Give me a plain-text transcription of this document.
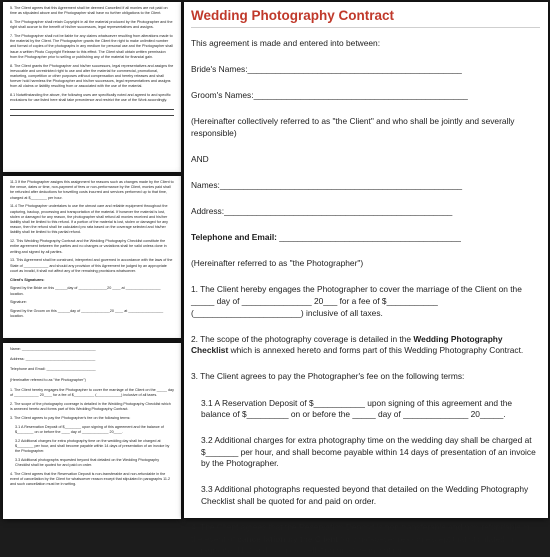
5. The Client agrees that this Agreement shall be deemed Cancelled if all monies are not paid on time as stipulated above and the Photographer shall have no further obligations to the Client.

6. The Photographer shall retain Copyright in all the material produced by the Photographer and the right shall accrue to the benefit of his/her successors, legal representatives and assigns.

7. The Photographer shall not be liable for any claims whatsoever resulting from alterations made to the material by the Client. The Photographer grants the Client the right to make unlimited number and format of copies of the photographs in any medium for personal use and the Photographer shall issue a written Photo Copyright Release to this effect. The Client shall obtain written permission from the Photographer prior to selling or publishing any of the material for financial gain.

8. The Client grants the Photographer and his/her successors, legal representatives and assigns the irrevocable and unrestricted right to use and alter the material for commercial, promotional, marketing, competition or other purposes without compensation and hereby releases and shall forever hold harmless the Photographer and his/her successors, legal representatives and assigns from all claims or liability resulting from or associated with the use of the material.

8.1 Notwithstanding the above, the following uses are specifically noted and agreed to and specific exclusions for use listed here shall take precedence and restrict the use of the Work accordingly.

11.3 If the Photographer assigns this assignment for reasons such as changes made by the Client to the venue, dates or time, non-payment of fees or non-performance by the Client, monies paid shall be refunded after deductions for travelling costs incurred and services performed up to that time, charged at $________ per hour.

11.4 The Photographer undertakes to use the utmost care and reliable equipment throughout the capturing, backup, processing and transportation of the material. If however the material is lost, stolen or damaged for any reason, the photographer shall refund all monies received and his/her liability shall be limited to this refund. If a portion of the material is lost, stolen or damaged for any reason, then the refund shall be calculated pro rata based on the coverage selected and his/her liability shall be limited to this partial refund.

12. This Wedding Photography Contract and the Wedding Photography Checklist constitute the entire agreement between the parties and no changes or variations shall be valid unless done in writing and signed by all parties.

13. This Agreement shall be construed, interpreted and governed in accordance with the laws of the State of ____________ and should any provision of this Agreement be judged by an appropriate court as invalid, it shall not affect any of the remaining provisions whatsoever.

Client's Signatures:

Signed by the Bride on this ______day of ______________20 ____ at _________________ location.

Signature:

Signed by the Groom on this ______day of ______________20 ____ at _________________ location.

Name: ____________________________________

Address: __________________________________

Telephone and Email: ________________________

(Hereinafter referred to as "the Photographer")

1. The Client hereby engages the Photographer to cover the marriage of the Client on the _____ day of ____________ 20____ for a fee of $__________ (____________) inclusive of all taxes.

2. The scope of the photography coverage is detailed in the Wedding Photography Checklist which is annexed hereto and forms part of this Wedding Photography Contract.

3. The Client agrees to pay the Photographer's fee on the following terms:

3.1 A Reservation Deposit of $________ upon signing of this agreement and the balance of $________ on or before the ____ day of _____________ 20____.

3.2 Additional charges for extra photography time on the wedding day shall be charged at $________ per hour, and shall become payable within 14 days of presentation of an invoice by the Photographer.

3.3 Additional photographs requested beyond that detailed on the Wedding Photography Checklist shall be quoted for and paid on order.

4. The Client agrees that the Reservation Deposit is non-transferable and non-refundable in the event of cancellation by the Client for whatsoever reason except that stipulated in paragraphs 11.2 and such cancellation must be in writing.

Wedding Photography Contract

This agreement is made and entered into between:

Bride's Names:______________________________________________

Groom's Names:______________________________________________

(Hereinafter collectively referred to as "the Client" and who shall be jointly and severally responsible)

AND

Names:____________________________________________________

Address:_________________________________________________

Telephone and Email: _______________________________________

(Hereinafter referred to as "the Photographer")

1. The Client hereby engages the Photographer to cover the marriage of the Client on the _____ day of _______________ 20___ for a fee of $___________ (_______________________) inclusive of all taxes.

2. The scope of the photography coverage is detailed in the Wedding Photography Checklist which is annexed hereto and forms part of this Wedding Photography Contract.

3. The Client agrees to pay the Photographer's fee on the following terms:

3.1 A Reservation Deposit of $___________ upon signing of this agreement and the balance of $_________ on or before the _____ day of ______________ 20_____.

3.2 Additional charges for extra photography time on the wedding day shall be charged at $_______ per hour, and shall become payable within 14 days of presentation of an invoice by the Photographer.

3.3 Additional photographs requested beyond that detailed on the Wedding Photography Checklist shall be quoted for and paid on order.

4. The Client agrees that the Reservation Deposit is non-transferable and non-refundable in the event of cancellation by the Client for whatsoever reason except that stipulated in paragraphs 11.2 and such cancellation must be in writing.
